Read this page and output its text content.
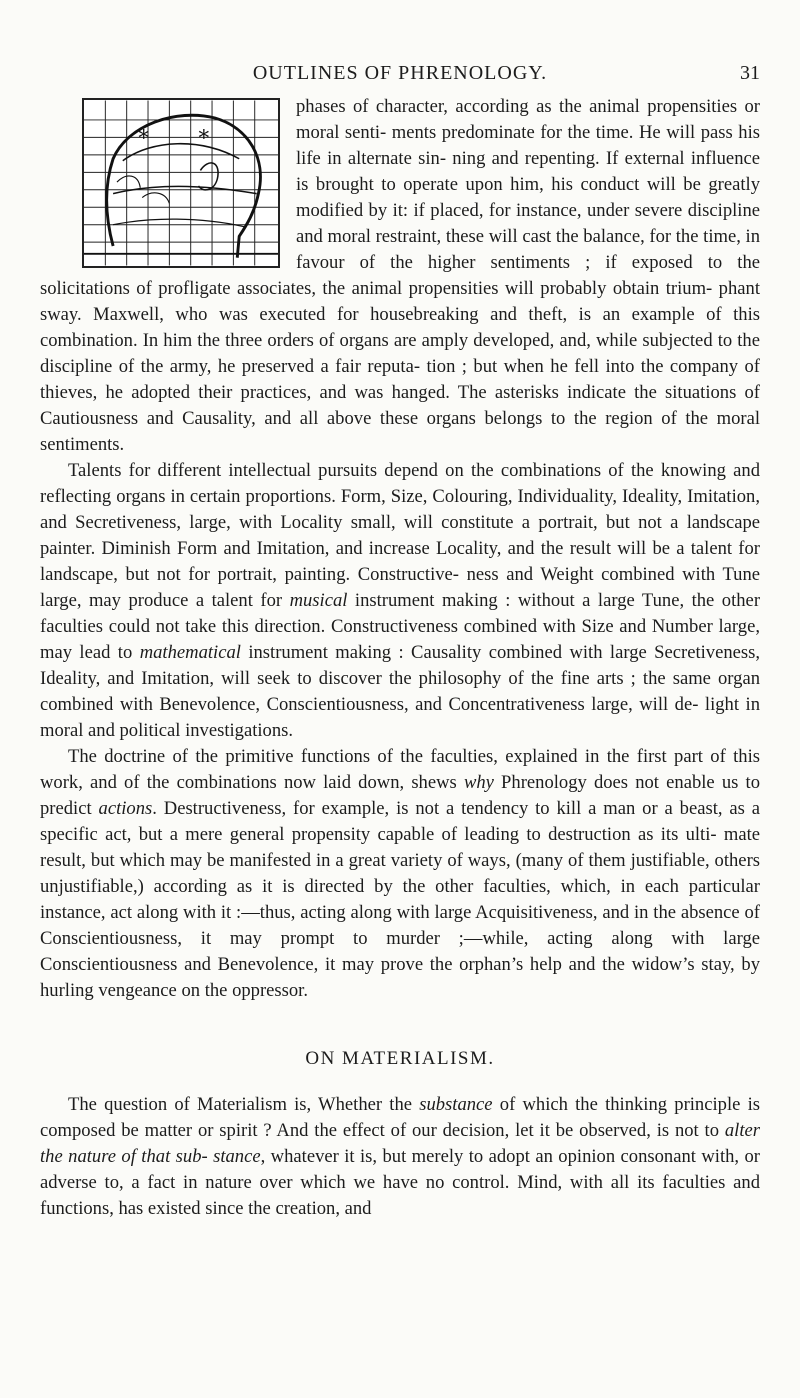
OUTLINES OF PHRENOLOGY.	31

* *
phases of character, according as the animal propensities or moral senti- ments predominate for the time. He will pass his life in alternate sin- ning and repenting. If external influence is brought to operate upon him, his conduct will be greatly modified by it: if placed, for instance, under severe discipline and moral restraint, these will cast the balance, for the time, in favour of the higher sentiments ; if exposed to the solicitations of profligate associates, the animal propensities will probably obtain trium- phant sway. Maxwell, who was executed for housebreaking and theft, is an example of this combination. In him the three orders of organs are amply developed, and, while subjected to the discipline of the army, he preserved a fair reputa- tion ; but when he fell into the company of thieves, he adopted their practices, and was hanged. The asterisks indicate the situations of Cautiousness and Causality, and all above these organs belongs to the region of the moral sentiments.

Talents for different intellectual pursuits depend on the combinations of the knowing and reflecting organs in certain proportions. Form, Size, Colouring, Individuality, Ideality, Imitation, and Secretiveness, large, with Locality small, will constitute a portrait, but not a landscape painter. Diminish Form and Imitation, and increase Locality, and the result will be a talent for landscape, but not for portrait, painting. Constructive- ness and Weight combined with Tune large, may produce a talent for musical instrument making : without a large Tune, the other faculties could not take this direction. Constructiveness combined with Size and Number large, may lead to mathematical instrument making : Causality combined with large Secretiveness, Ideality, and Imitation, will seek to discover the philosophy of the fine arts ; the same organ combined with Benevolence, Conscientiousness, and Concentrativeness large, will de- light in moral and political investigations.

The doctrine of the primitive functions of the faculties, explained in the first part of this work, and of the combinations now laid down, shews why Phrenology does not enable us to predict actions. Destructiveness, for example, is not a tendency to kill a man or a beast, as a specific act, but a mere general propensity capable of leading to destruction as its ulti- mate result, but which may be manifested in a great variety of ways, (many of them justifiable, others unjustifiable,) according as it is directed by the other faculties, which, in each particular instance, act along with it :—thus, acting along with large Acquisitiveness, and in the absence of Conscientiousness, it may prompt to murder ;—while, acting along with large Conscientiousness and Benevolence, it may prove the orphan’s help and the widow’s stay, by hurling vengeance on the oppressor.

ON MATERIALISM.

The question of Materialism is, Whether the substance of which the thinking principle is composed be matter or spirit ? And the effect of our decision, let it be observed, is not to alter the nature of that sub- stance, whatever it is, but merely to adopt an opinion consonant with, or adverse to, a fact in nature over which we have no control. Mind, with all its faculties and functions, has existed since the creation, and
